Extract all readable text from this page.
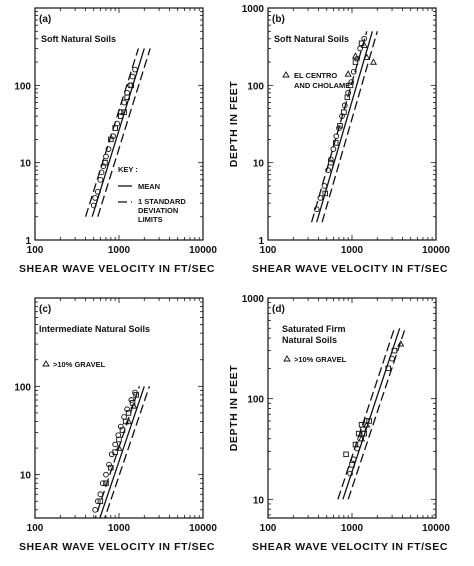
100	1000	10000
1
10
100
(a)
Soft Natural Soils
SHEAR WAVE VELOCITY IN FT/SEC
100	1000	10000
1
10
100
1000
(b)
Soft Natural Soils
EL CENTRO
AND CHOLAME
SHEAR WAVE VELOCITY IN FT/SEC
DEPTH IN FEET
100	1000	10000
10
100
(c)
Intermediate Natural Soils
>10% GRAVEL
SHEAR WAVE VELOCITY IN FT/SEC
100	1000	10000
10
100
1000
(d)
Saturated Firm
Natural Soils
>10% GRAVEL
SHEAR WAVE VELOCITY IN FT/SEC
DEPTH IN FEET
KEY :
MEAN
1 STANDARD
DEVIATION
LIMITS
